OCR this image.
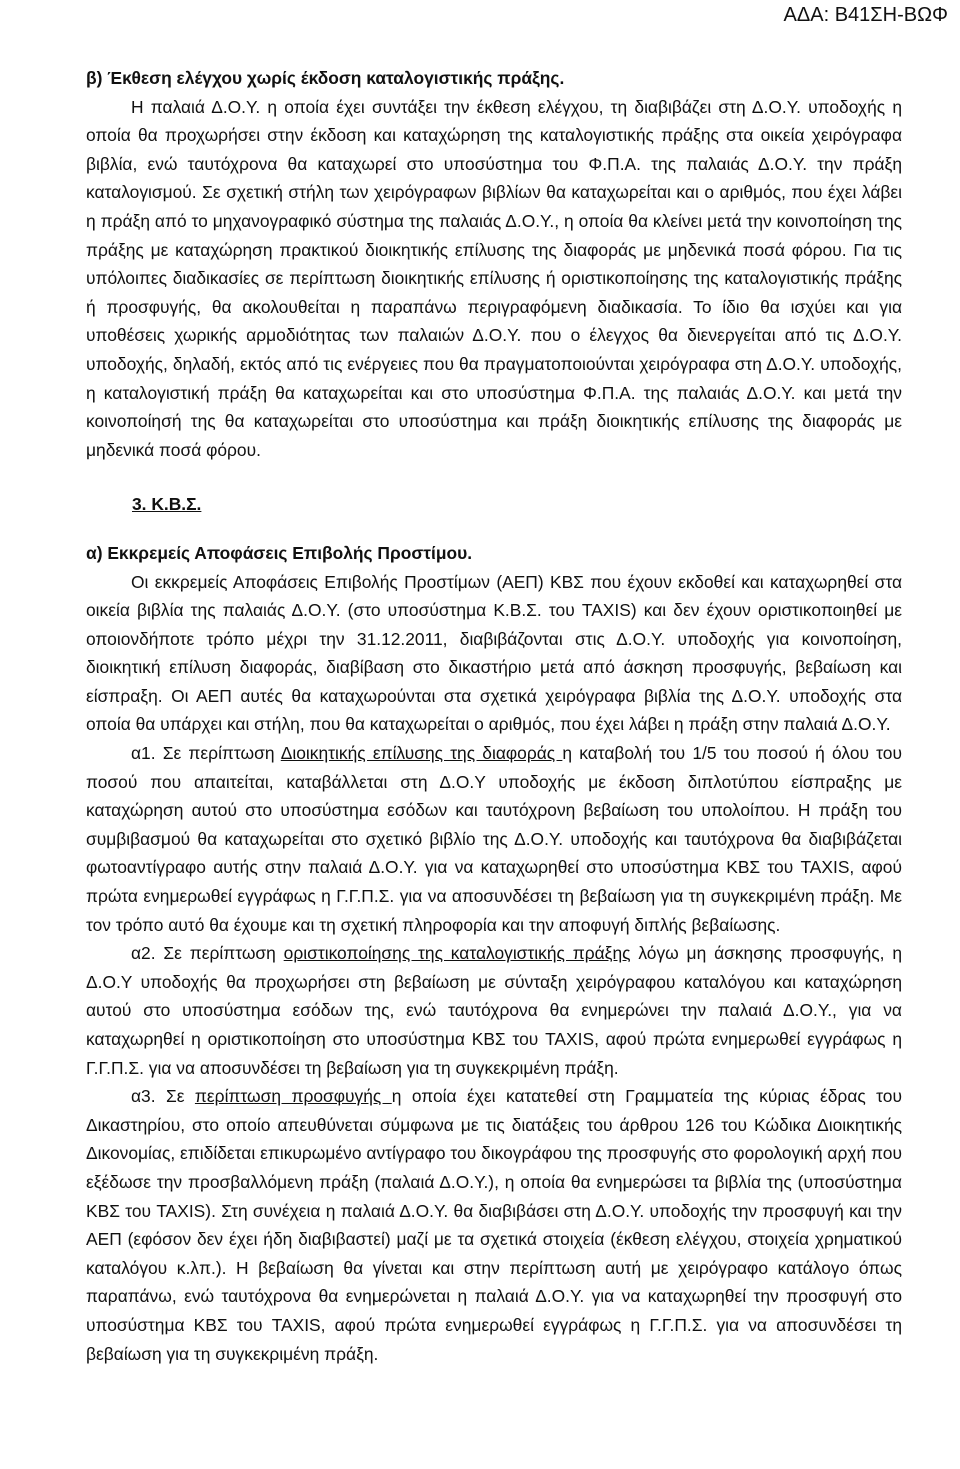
ΑΔΑ: Β41ΣΗ-ΒΩΦ

β) Έκθεση ελέγχου χωρίς έκδοση καταλογιστικής πράξης.

Η παλαιά Δ.Ο.Υ. η οποία έχει συντάξει την έκθεση ελέγχου, τη διαβιβάζει στη Δ.Ο.Υ. υποδοχής η οποία θα προχωρήσει στην έκδοση και καταχώρηση της καταλογιστικής πράξης στα οικεία χειρόγραφα βιβλία, ενώ ταυτόχρονα θα καταχωρεί στο υποσύστημα του Φ.Π.Α. της παλαιάς Δ.Ο.Υ. την πράξη καταλογισμού. Σε σχετική στήλη των χειρόγραφων βιβλίων θα καταχωρείται και ο αριθμός, που έχει λάβει η πράξη από το μηχανογραφικό σύστημα της παλαιάς Δ.Ο.Υ., η οποία θα κλείνει μετά την κοινοποίηση της πράξης με καταχώρηση πρακτικού διοικητικής επίλυσης της διαφοράς με μηδενικά ποσά φόρου. Για τις υπόλοιπες διαδικασίες σε περίπτωση διοικητικής επίλυσης ή οριστικοποίησης της καταλογιστικής πράξης ή προσφυγής, θα ακολουθείται η παραπάνω περιγραφόμενη διαδικασία. Το ίδιο θα ισχύει και για υποθέσεις χωρικής αρμοδιότητας των παλαιών Δ.Ο.Υ. που ο έλεγχος θα διενεργείται από τις Δ.Ο.Υ. υποδοχής, δηλαδή, εκτός από τις ενέργειες που θα πραγματοποιούνται χειρόγραφα στη Δ.Ο.Υ. υποδοχής, η καταλογιστική πράξη θα καταχωρείται και στο υποσύστημα Φ.Π.Α. της παλαιάς Δ.Ο.Υ. και μετά την κοινοποίησή της θα καταχωρείται στο υποσύστημα και πράξη διοικητικής επίλυσης της διαφοράς με μηδενικά ποσά φόρου.

3. Κ.Β.Σ.

α) Εκκρεμείς Αποφάσεις Επιβολής Προστίμου.

Οι εκκρεμείς Αποφάσεις Επιβολής Προστίμων (ΑΕΠ) ΚΒΣ που έχουν εκδοθεί και καταχωρηθεί στα οικεία βιβλία της παλαιάς Δ.Ο.Υ. (στο υποσύστημα Κ.Β.Σ. του TAXIS) και δεν έχουν οριστικοποιηθεί με οποιονδήποτε τρόπο μέχρι την 31.12.2011, διαβιβάζονται στις Δ.Ο.Υ. υποδοχής για κοινοποίηση, διοικητική επίλυση διαφοράς, διαβίβαση στο δικαστήριο μετά από άσκηση προσφυγής, βεβαίωση και είσπραξη. Οι ΑΕΠ αυτές θα καταχωρούνται στα σχετικά χειρόγραφα βιβλία της Δ.Ο.Υ. υποδοχής στα οποία θα υπάρχει και στήλη, που θα καταχωρείται ο αριθμός, που έχει λάβει η πράξη στην παλαιά Δ.Ο.Υ.

α1. Σε περίπτωση Διοικητικής επίλυσης της διαφοράς η καταβολή του 1/5 του ποσού ή όλου του ποσού που απαιτείται, καταβάλλεται στη Δ.Ο.Υ υποδοχής με έκδοση διπλοτύπου είσπραξης με καταχώρηση αυτού στο υποσύστημα εσόδων και ταυτόχρονη βεβαίωση του υπολοίπου. Η πράξη του συμβιβασμού θα καταχωρείται στο σχετικό βιβλίο της Δ.Ο.Υ. υποδοχής και ταυτόχρονα θα διαβιβάζεται φωτοαντίγραφο αυτής στην παλαιά Δ.Ο.Υ. για να καταχωρηθεί στο υποσύστημα ΚΒΣ του TAXIS, αφού πρώτα ενημερωθεί εγγράφως η Γ.Γ.Π.Σ. για να αποσυνδέσει τη βεβαίωση για τη συγκεκριμένη πράξη. Με τον τρόπο αυτό θα έχουμε και τη σχετική πληροφορία και την αποφυγή διπλής βεβαίωσης.

α2. Σε περίπτωση οριστικοποίησης της καταλογιστικής πράξης λόγω μη άσκησης προσφυγής, η Δ.Ο.Υ υποδοχής θα προχωρήσει στη βεβαίωση με σύνταξη χειρόγραφου καταλόγου και καταχώρηση αυτού στο υποσύστημα εσόδων της, ενώ ταυτόχρονα θα ενημερώνει την παλαιά Δ.Ο.Υ., για να καταχωρηθεί η οριστικοποίηση στο υποσύστημα ΚΒΣ του TAXIS, αφού πρώτα ενημερωθεί εγγράφως η Γ.Γ.Π.Σ. για να αποσυνδέσει τη βεβαίωση για τη συγκεκριμένη πράξη.

α3. Σε περίπτωση προσφυγής η οποία έχει κατατεθεί στη Γραμματεία της κύριας έδρας του Δικαστηρίου, στο οποίο απευθύνεται σύμφωνα με τις διατάξεις του άρθρου 126 του Κώδικα Διοικητικής Δικονομίας, επιδίδεται επικυρωμένο αντίγραφο του δικογράφου της προσφυγής στο φορολογική αρχή που εξέδωσε την προσβαλλόμενη πράξη (παλαιά Δ.Ο.Υ.), η οποία θα ενημερώσει τα βιβλία της (υποσύστημα ΚΒΣ του TAXIS). Στη συνέχεια η παλαιά Δ.Ο.Υ. θα διαβιβάσει στη Δ.Ο.Υ. υποδοχής την προσφυγή και την ΑΕΠ (εφόσον δεν έχει ήδη διαβιβαστεί) μαζί με τα σχετικά στοιχεία (έκθεση ελέγχου, στοιχεία χρηματικού καταλόγου κ.λπ.). Η βεβαίωση θα γίνεται και στην περίπτωση αυτή με χειρόγραφο κατάλογο όπως παραπάνω, ενώ ταυτόχρονα θα ενημερώνεται η παλαιά Δ.Ο.Υ. για να καταχωρηθεί την προσφυγή στο υποσύστημα ΚΒΣ του TAXIS, αφού πρώτα ενημερωθεί εγγράφως η Γ.Γ.Π.Σ. για να αποσυνδέσει τη βεβαίωση για τη συγκεκριμένη πράξη.
